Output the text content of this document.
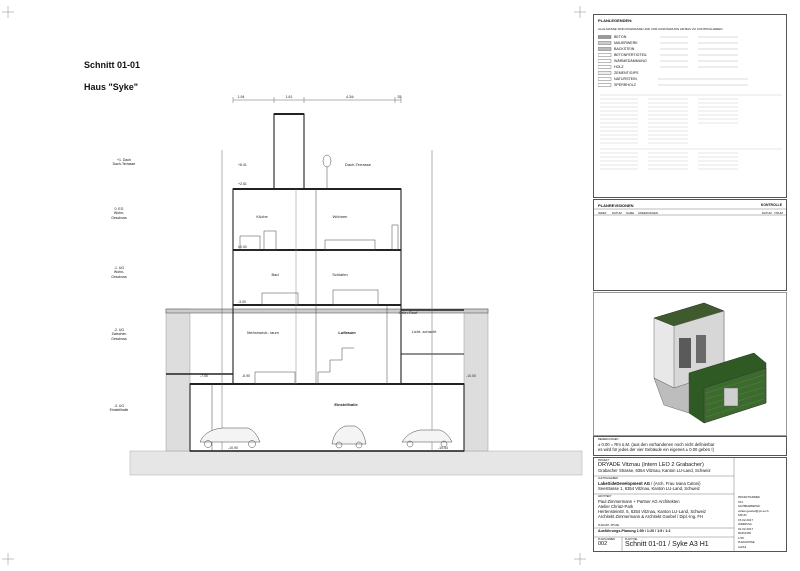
Schnitt 01-01
Haus "Syke"
+1. Dach
Dach-Terrasse
0. EG
Wohn-
Geschoss
-1. UG
Wohn-
Geschoss
-2. UG
Zwischen
Geschoss
-3. UG
Einstellhalle
1.94	1.61	4.34²	.35
+6.41
+2.61
±0.00
-3.00
-6.90
-7.00	-10.00
-10.90	-10.54
Dach-Terrasse
Küche	Wohnen
Bad	Schlafen
Mehrzweck- raum	Luftraum
Grün-Roof
Licht- schacht
Einstellhalle
PLANLEGENDEN:
ALLE MASSE SIND ROHMASSE UND VOR AUSFÜHRUNG AM BAU ZU KONTROLLIEREN
BETON
MAUERWERK
BACKSTEIN
BETONFERTIGTEIL
WÄRMEDÄMMUNG
HOLZ
ZEMENT/GIPS
NATURSTEIN
SPERRHOLZ
PLANREVISIONEN	KONTROLLE
INDEX DATUM NAME ÄNDERUNGEN	DATUM VISUM
BEMERKUNGEN
± 0.00 = Rm ü.M. (aus den vorhandenen noch nicht definierbar
es wird für jedes der vier Gebäude ein eigenes ± 0.00 geben !)
PROJEKT
DRYADE Vitznau (intern LEO 2 Grabacher)
Grabacher Strasse, 6354 Vitznau, Kanton LU-Land, Schweiz
AUFTRAGGEBER
LakeSideDevelopment AG / (Arch. Frau Ivana Catoni)
Seestrasse 1, 6354 Vitznau, Kanton LU-Land, Schweiz
ARCHITEKT
Paul Zimmermann + Partner AG Architekten
Atelier Chriüz-Park
Hertensteinstr. 5, 6354 Vitznau, Kanton LU-Land, Schweiz
Architekt Zimmermann & Architekt Goebel / Dipl.-Ing. FH
PLANART / PHASE
Ausführungs-Planung 1:50 / 1:20 / 1:5 / 1:2
PLANNUMMER
002
PLANTITEL
Schnitt 01-01 / Syke A3 H1
PROJEKTNUMMER
072
SACHBEARBEITER
volker.goebel@pz-a.ch
DATUM
15.02.2017
ÄNDERUNG
01.02.2017
MASSSTAB
1:50
PLANGRÖSSE
A4/A3
